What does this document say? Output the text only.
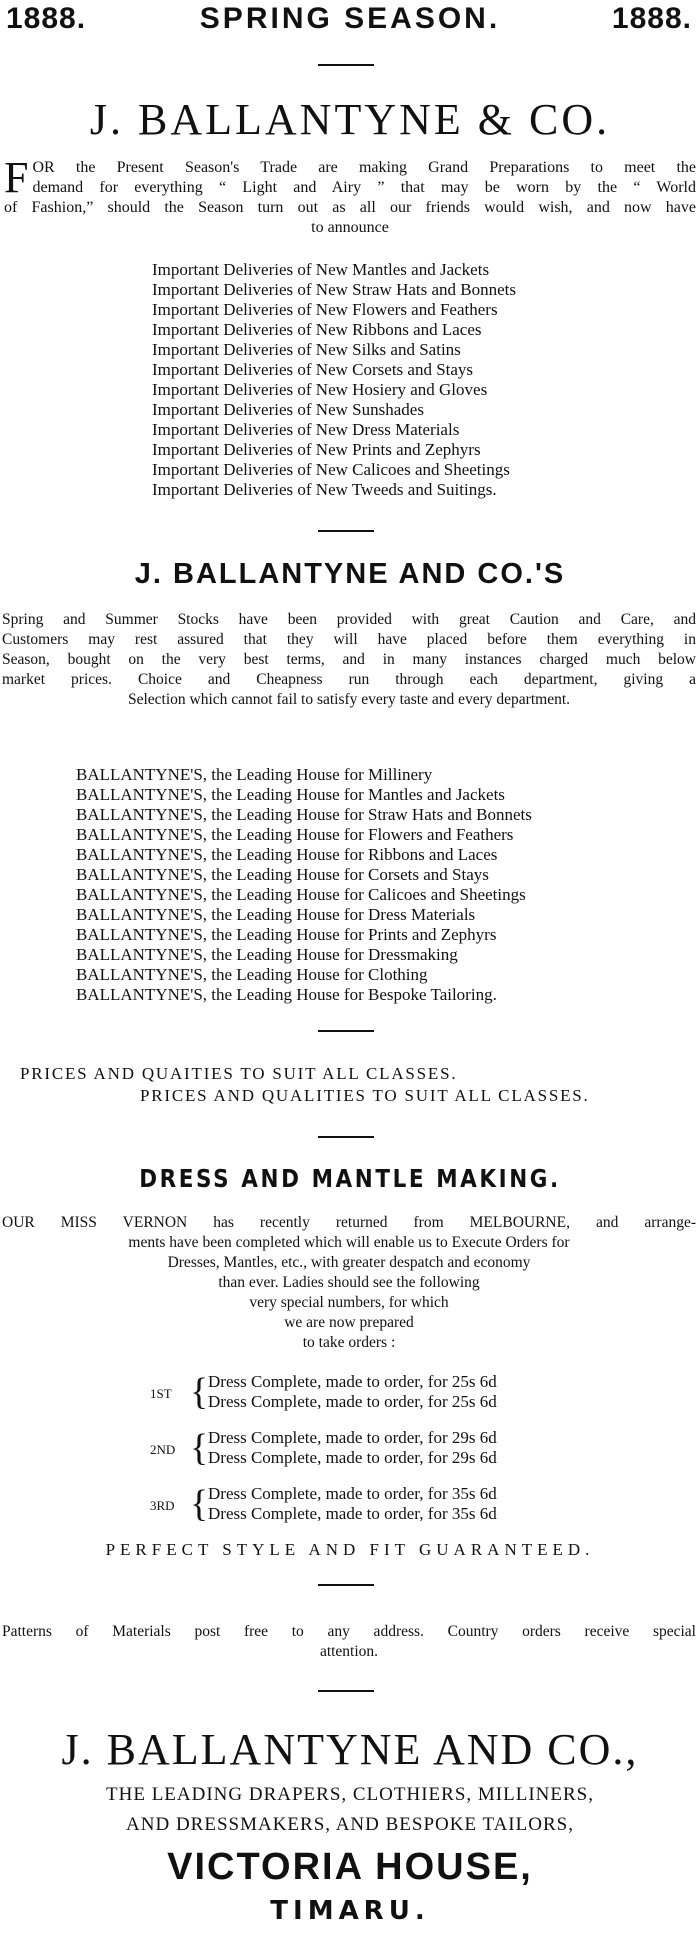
1888.	SPRING SEASON.	1888.
J. BALLANTYNE & CO.
F OR the Present Season's Trade are making Grand Preparations to meet the
demand for everything “ Light and Airy ” that may be worn by the “ World
of Fashion,” should the Season turn out as all our friends would wish, and now have
to announce
Important Deliveries of New Mantles and Jackets
Important Deliveries of New Straw Hats and Bonnets
Important Deliveries of New Flowers and Feathers
Important Deliveries of New Ribbons and Laces
Important Deliveries of New Silks and Satins
Important Deliveries of New Corsets and Stays
Important Deliveries of New Hosiery and Gloves
Important Deliveries of New Sunshades
Important Deliveries of New Dress Materials
Important Deliveries of New Prints and Zephyrs
Important Deliveries of New Calicoes and Sheetings
Important Deliveries of New Tweeds and Suitings.
J. BALLANTYNE AND CO.'S
Spring and Summer Stocks have been provided with great Caution and Care, and
Customers may rest assured that they will have placed before them everything in
Season, bought on the very best terms, and in many instances charged much below
market prices. Choice and Cheapness run through each department, giving a
Selection which cannot fail to satisfy every taste and every department.
BALLANTYNE'S, the Leading House for Millinery
BALLANTYNE'S, the Leading House for Mantles and Jackets
BALLANTYNE'S, the Leading House for Straw Hats and Bonnets
BALLANTYNE'S, the Leading House for Flowers and Feathers
BALLANTYNE'S, the Leading House for Ribbons and Laces
BALLANTYNE'S, the Leading House for Corsets and Stays
BALLANTYNE'S, the Leading House for Calicoes and Sheetings
BALLANTYNE'S, the Leading House for Dress Materials
BALLANTYNE'S, the Leading House for Prints and Zephyrs
BALLANTYNE'S, the Leading House for Dressmaking
BALLANTYNE'S, the Leading House for Clothing
BALLANTYNE'S, the Leading House for Bespoke Tailoring.
PRICES AND QUAITIES TO SUIT ALL CLASSES.
PRICES AND QUALITIES TO SUIT ALL CLASSES.
DRESS AND MANTLE MAKING.
OUR MISS VERNON has recently returned from MELBOURNE, and arrange-
ments have been completed which will enable us to Execute Orders for
Dresses, Mantles, etc., with greater despatch and economy
than ever. Ladies should see the following
very special numbers, for which
we are now prepared
to take orders :
1ST { Dress Complete, made to order, for 25s 6d
Dress Complete, made to order, for 25s 6d
2ND { Dress Complete, made to order, for 29s 6d
Dress Complete, made to order, for 29s 6d
3RD { Dress Complete, made to order, for 35s 6d
Dress Complete, made to order, for 35s 6d
PERFECT STYLE AND FIT GUARANTEED.
Patterns of Materials post free to any address. Country orders receive special
attention.
J. BALLANTYNE AND CO.,
THE LEADING DRAPERS, CLOTHIERS, MILLINERS,
AND DRESSMAKERS, AND BESPOKE TAILORS,
VICTORIA HOUSE,
TIMARU.
